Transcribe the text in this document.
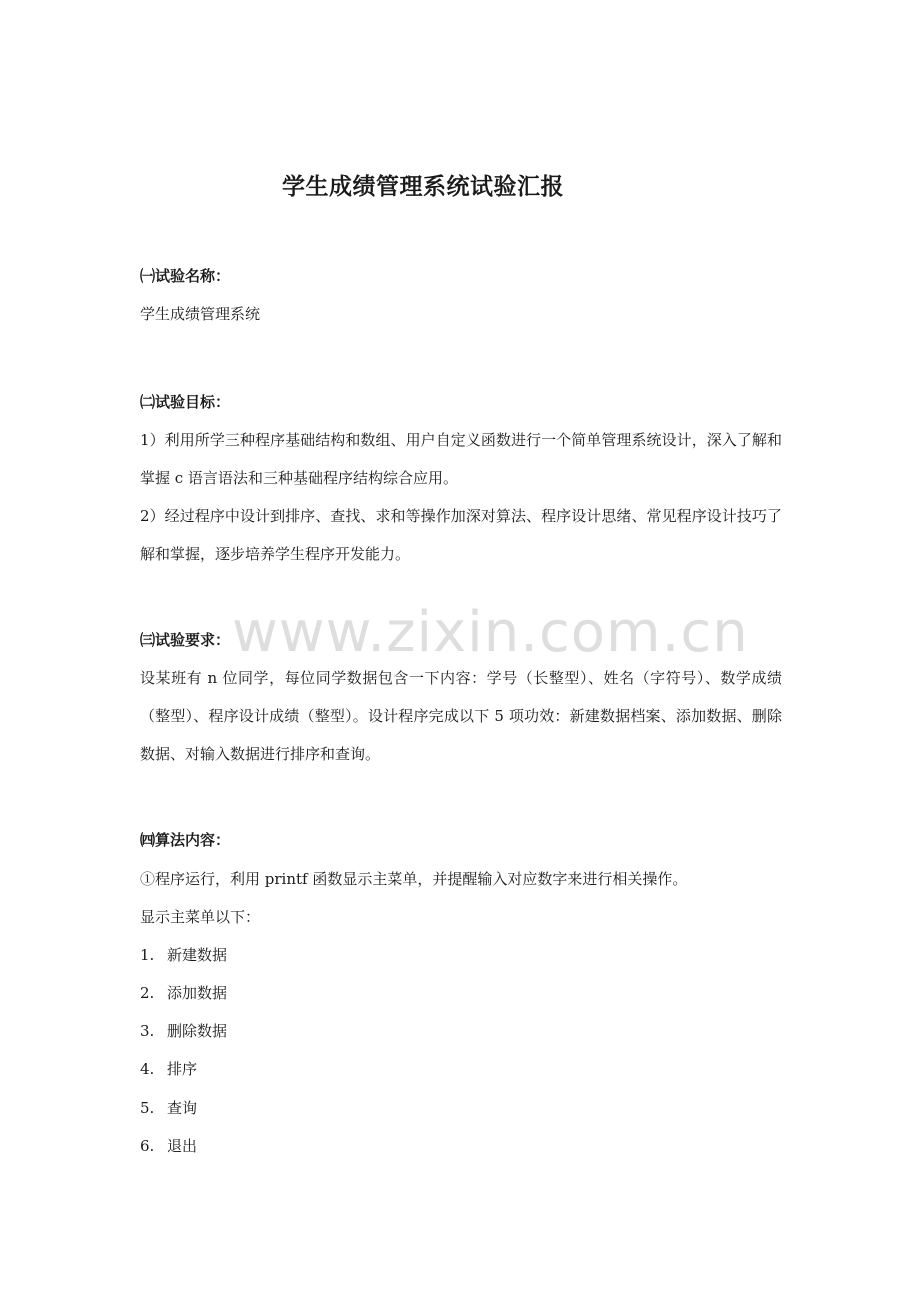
学生成绩管理系统试验汇报
㈠试验名称：
学生成绩管理系统
㈡试验目标：
1）利用所学三种程序基础结构和数组、用户自定义函数进行一个简单管理系统设计，深入了解和掌握 c 语言语法和三种基础程序结构综合应用。
2）经过程序中设计到排序、查找、求和等操作加深对算法、程序设计思绪、常见程序设计技巧了解和掌握，逐步培养学生程序开发能力。
㈢试验要求：
设某班有 n 位同学，每位同学数据包含一下内容：学号（长整型）、姓名（字符号）、数学成绩（整型）、程序设计成绩（整型）。设计程序完成以下 5 项功效：新建数据档案、添加数据、删除数据、对输入数据进行排序和查询。
㈣算法内容：
①程序运行，利用 printf 函数显示主菜单，并提醒输入对应数字来进行相关操作。
显示主菜单以下：
1. 新建数据
2. 添加数据
3. 删除数据
4. 排序
5. 查询
6. 退出
www.zixin.com.cn
